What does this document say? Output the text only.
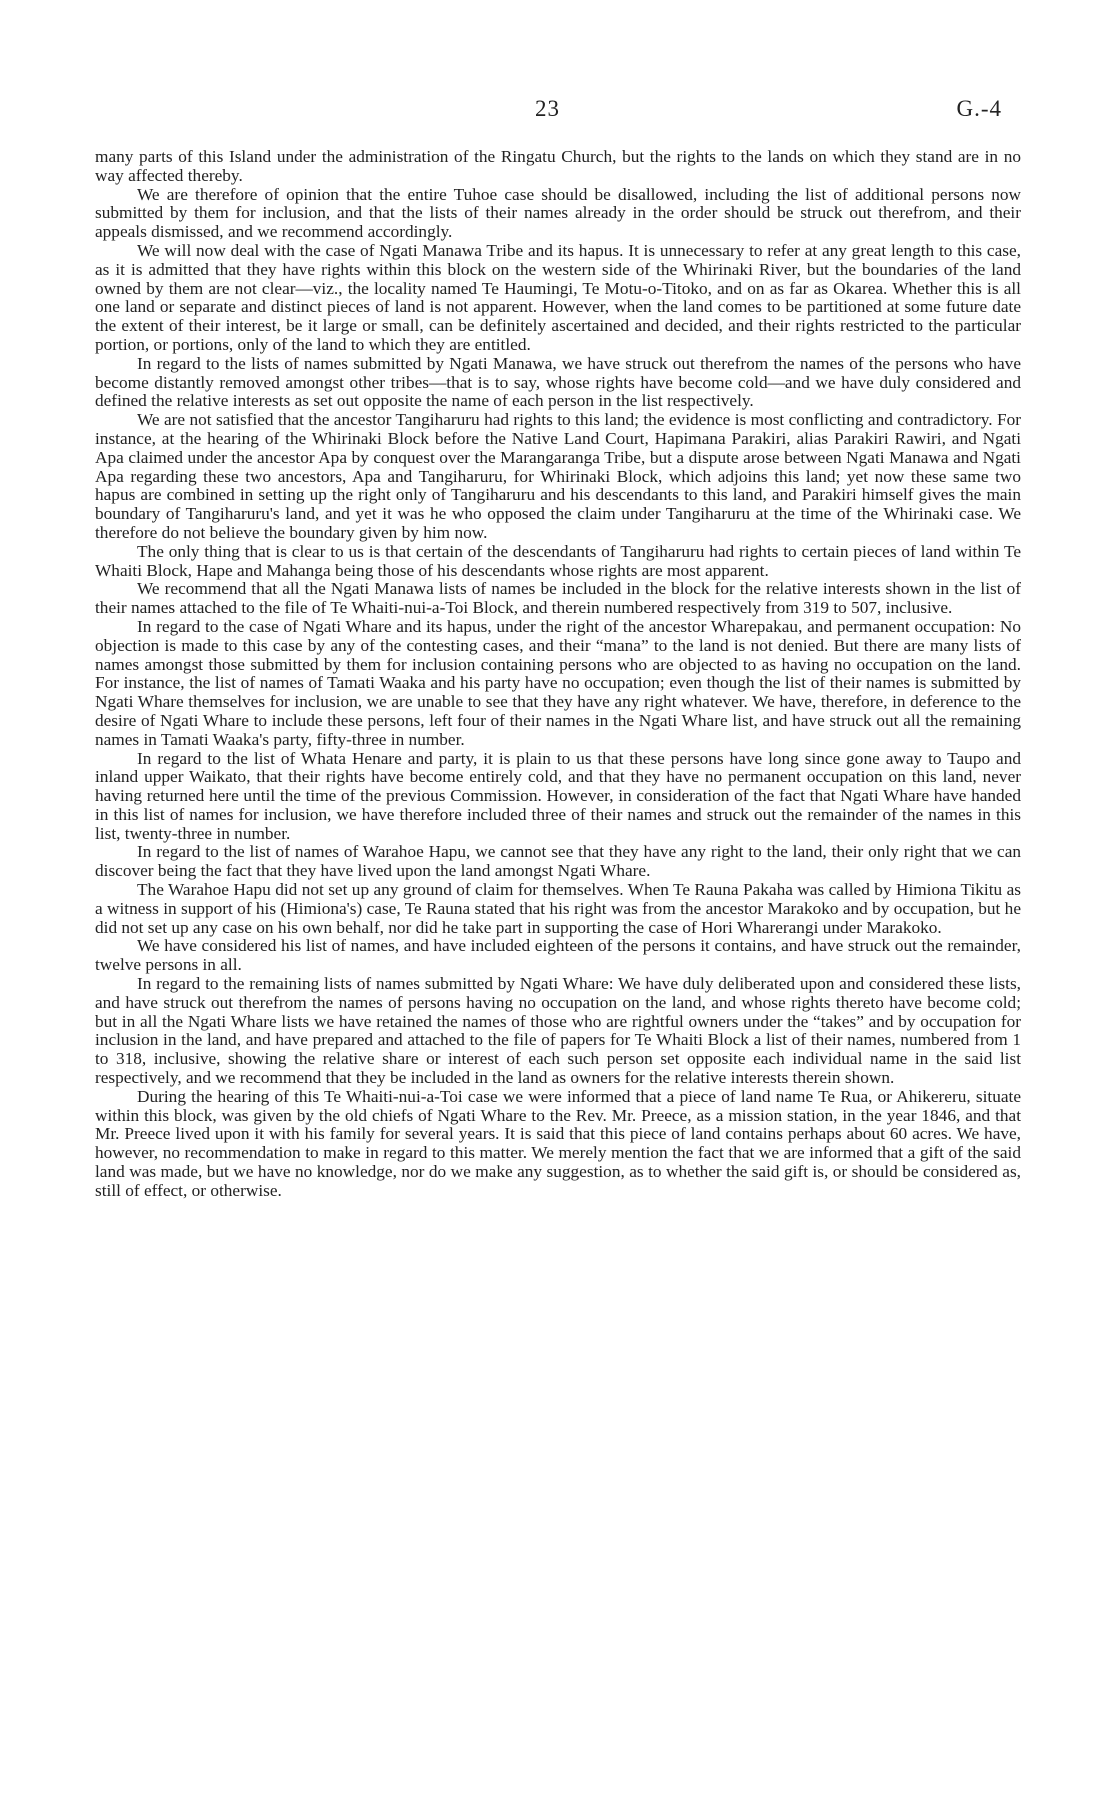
23	G.-4

many parts of this Island under the administration of the Ringatu Church, but the rights to the lands on which they stand are in no way affected thereby.

We are therefore of opinion that the entire Tuhoe case should be disallowed, including the list of additional persons now submitted by them for inclusion, and that the lists of their names already in the order should be struck out therefrom, and their appeals dismissed, and we recommend accordingly.

We will now deal with the case of Ngati Manawa Tribe and its hapus. It is unnecessary to refer at any great length to this case, as it is admitted that they have rights within this block on the western side of the Whirinaki River, but the boundaries of the land owned by them are not clear—viz., the locality named Te Haumingi, Te Motu-o-Titoko, and on as far as Okarea. Whether this is all one land or separate and distinct pieces of land is not apparent. However, when the land comes to be partitioned at some future date the extent of their interest, be it large or small, can be definitely ascertained and decided, and their rights restricted to the particular portion, or portions, only of the land to which they are entitled.

In regard to the lists of names submitted by Ngati Manawa, we have struck out therefrom the names of the persons who have become distantly removed amongst other tribes—that is to say, whose rights have become cold—and we have duly considered and defined the relative interests as set out opposite the name of each person in the list respectively.

We are not satisfied that the ancestor Tangiharuru had rights to this land; the evidence is most conflicting and contradictory. For instance, at the hearing of the Whirinaki Block before the Native Land Court, Hapimana Parakiri, alias Parakiri Rawiri, and Ngati Apa claimed under the ancestor Apa by conquest over the Marangaranga Tribe, but a dispute arose between Ngati Manawa and Ngati Apa regarding these two ancestors, Apa and Tangiharuru, for Whirinaki Block, which adjoins this land; yet now these same two hapus are combined in setting up the right only of Tangiharuru and his descendants to this land, and Parakiri himself gives the main boundary of Tangiharuru's land, and yet it was he who opposed the claim under Tangiharuru at the time of the Whirinaki case. We therefore do not believe the boundary given by him now.

The only thing that is clear to us is that certain of the descendants of Tangiharuru had rights to certain pieces of land within Te Whaiti Block, Hape and Mahanga being those of his descendants whose rights are most apparent.

We recommend that all the Ngati Manawa lists of names be included in the block for the relative interests shown in the list of their names attached to the file of Te Whaiti-nui-a-Toi Block, and therein numbered respectively from 319 to 507, inclusive.

In regard to the case of Ngati Whare and its hapus, under the right of the ancestor Wharepakau, and permanent occupation: No objection is made to this case by any of the contesting cases, and their “mana” to the land is not denied. But there are many lists of names amongst those submitted by them for inclusion containing persons who are objected to as having no occupation on the land. For instance, the list of names of Tamati Waaka and his party have no occupation; even though the list of their names is submitted by Ngati Whare themselves for inclusion, we are unable to see that they have any right whatever. We have, therefore, in deference to the desire of Ngati Whare to include these persons, left four of their names in the Ngati Whare list, and have struck out all the remaining names in Tamati Waaka's party, fifty-three in number.

In regard to the list of Whata Henare and party, it is plain to us that these persons have long since gone away to Taupo and inland upper Waikato, that their rights have become entirely cold, and that they have no permanent occupation on this land, never having returned here until the time of the previous Commission. However, in consideration of the fact that Ngati Whare have handed in this list of names for inclusion, we have therefore included three of their names and struck out the remainder of the names in this list, twenty-three in number.

In regard to the list of names of Warahoe Hapu, we cannot see that they have any right to the land, their only right that we can discover being the fact that they have lived upon the land amongst Ngati Whare.

The Warahoe Hapu did not set up any ground of claim for themselves. When Te Rauna Pakaha was called by Himiona Tikitu as a witness in support of his (Himiona's) case, Te Rauna stated that his right was from the ancestor Marakoko and by occupation, but he did not set up any case on his own behalf, nor did he take part in supporting the case of Hori Wharerangi under Marakoko.

We have considered his list of names, and have included eighteen of the persons it contains, and have struck out the remainder, twelve persons in all.

In regard to the remaining lists of names submitted by Ngati Whare: We have duly deliberated upon and considered these lists, and have struck out therefrom the names of persons having no occupation on the land, and whose rights thereto have become cold; but in all the Ngati Whare lists we have retained the names of those who are rightful owners under the “takes” and by occupation for inclusion in the land, and have prepared and attached to the file of papers for Te Whaiti Block a list of their names, numbered from 1 to 318, inclusive, showing the relative share or interest of each such person set opposite each individual name in the said list respectively, and we recommend that they be included in the land as owners for the relative interests therein shown.

During the hearing of this Te Whaiti-nui-a-Toi case we were informed that a piece of land name Te Rua, or Ahikereru, situate within this block, was given by the old chiefs of Ngati Whare to the Rev. Mr. Preece, as a mission station, in the year 1846, and that Mr. Preece lived upon it with his family for several years. It is said that this piece of land contains perhaps about 60 acres. We have, however, no recommendation to make in regard to this matter. We merely mention the fact that we are informed that a gift of the said land was made, but we have no knowledge, nor do we make any suggestion, as to whether the said gift is, or should be considered as, still of effect, or otherwise.
